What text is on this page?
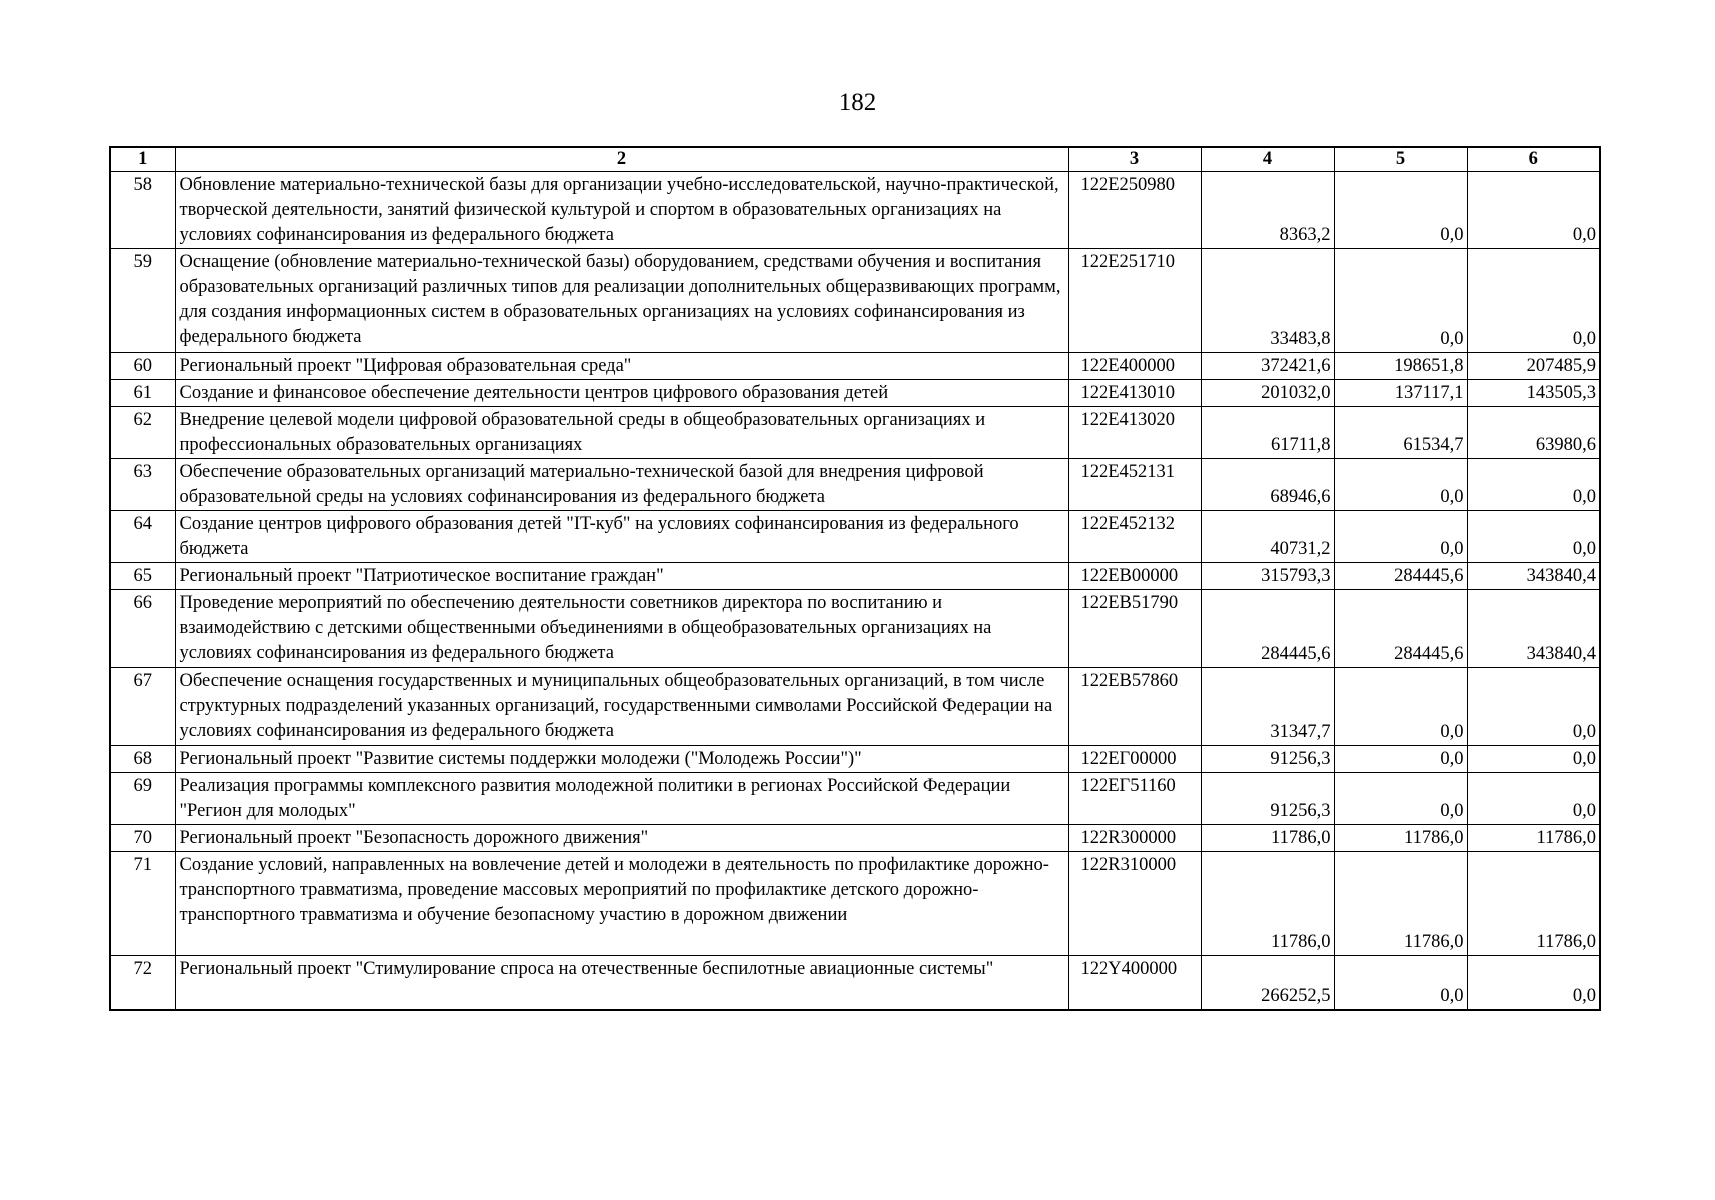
182
1	2	3	4	5	6
58	Обновление материально-технической базы для организации учебно-исследовательской, научно-практической, творческой деятельности, занятий физической культурой и спортом в образовательных организациях на условиях софинансирования из федерального бюджета	122E250980	8363,2	0,0	0,0
59	Оснащение (обновление материально-технической базы) оборудованием, средствами обучения и воспитания образовательных организаций различных типов для реализации дополнительных общеразвивающих программ, для создания информационных систем в образовательных организациях на условиях софинансирования из федерального бюджета	122E251710	33483,8	0,0	0,0
60	Региональный проект "Цифровая образовательная среда"	122E400000	372421,6	198651,8	207485,9
61	Создание и финансовое обеспечение деятельности центров цифрового образования детей	122E413010	201032,0	137117,1	143505,3
62	Внедрение целевой модели цифровой образовательной среды в общеобразовательных организациях и профессиональных образовательных организациях	122E413020	61711,8	61534,7	63980,6
63	Обеспечение образовательных организаций материально-технической базой для внедрения цифровой образовательной среды на условиях софинансирования из федерального бюджета	122E452131	68946,6	0,0	0,0
64	Создание центров цифрового образования детей "IT-куб" на условиях софинансирования из федерального бюджета	122E452132	40731,2	0,0	0,0
65	Региональный проект "Патриотическое воспитание граждан"	122EB00000	315793,3	284445,6	343840,4
66	Проведение мероприятий по обеспечению деятельности советников директора по воспитанию и взаимодействию с детскими общественными объединениями в общеобразовательных организациях на условиях софинансирования из федерального бюджета	122EB51790	284445,6	284445,6	343840,4
67	Обеспечение оснащения государственных и муниципальных общеобразовательных организаций, в том числе структурных подразделений указанных организаций, государственными символами Российской Федерации на условиях софинансирования из федерального бюджета	122EB57860	31347,7	0,0	0,0
68	Региональный проект "Развитие системы поддержки молодежи ("Молодежь России")"	122EГ00000	91256,3	0,0	0,0
69	Реализация программы комплексного развития молодежной политики в регионах Российской Федерации "Регион для молодых"	122EГ51160	91256,3	0,0	0,0
70	Региональный проект "Безопасность дорожного движения"	122R300000	11786,0	11786,0	11786,0
71	Создание условий, направленных на вовлечение детей и молодежи в деятельность по профилактике дорожно-транспортного травматизма, проведение массовых мероприятий по профилактике детского дорожно-транспортного травматизма и обучение безопасному участию в дорожном движении	122R310000	11786,0	11786,0	11786,0
72	Региональный проект "Стимулирование спроса на отечественные беспилотные авиационные системы"	122Y400000	266252,5	0,0	0,0
